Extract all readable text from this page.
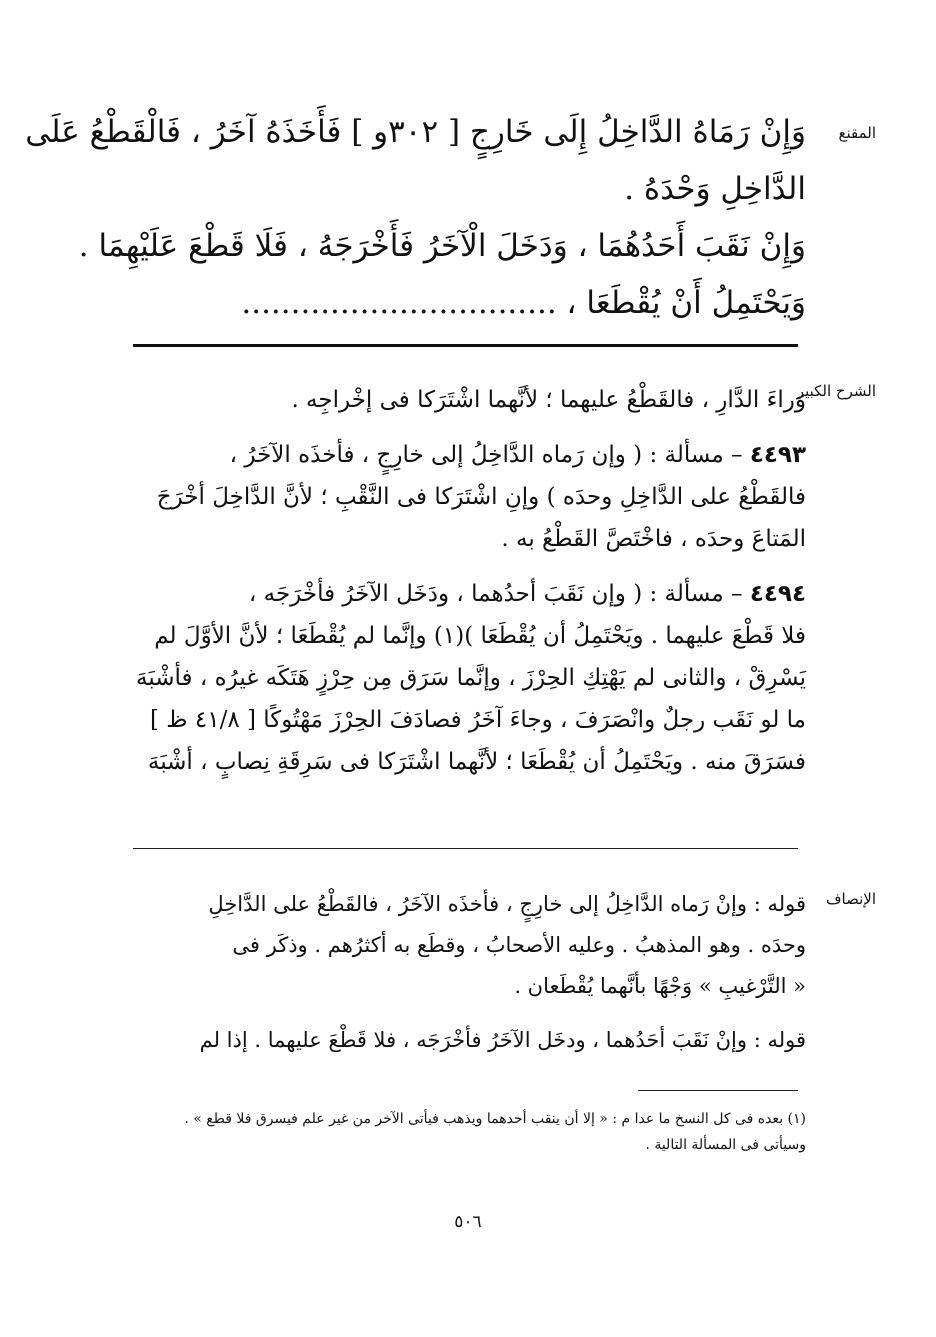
المقنع
وَإِنْ رَمَاهُ الدَّاخِلُ إِلَى خَارِجٍ [ ٣٠٢و ] فَأَخَذَهُ آخَرُ ، فَالْقَطْعُ عَلَى
الدَّاخِلِ وَحْدَهُ .
وَإِنْ نَقَبَ أَحَدُهُمَا ، وَدَخَلَ الْآخَرُ فَأَخْرَجَهُ ، فَلَا قَطْعَ عَلَيْهِمَا .
وَيَحْتَمِلُ أَنْ يُقْطَعَا ، ................................
الشرح الكبير
وَراءَ الدَّارِ ، فالقَطْعُ عليهما ؛ لأنَّهما اشْتَرَكا فى إخْراجِه .
٤٤٩٣ – مسألة : ( وإن رَماه الدَّاخِلُ إلى خارِجٍ ، فأخذَه الآخَرُ ،
فالقَطْعُ على الدَّاخِلِ وحدَه ) وإنِ اشْتَرَكا فى النَّقْبِ ؛ لأنَّ الدَّاخِلَ أخْرَجَ
المَتاعَ وحدَه ، فاخْتَصَّ القَطْعُ به .
٤٤٩٤ – مسألة : ( وإن نَقَبَ أحدُهما ، ودَخَل الآخَرُ فأخْرَجَه ،
فلا قَطْعَ عليهما . ويَحْتَمِلُ أن يُقْطَعَا )(١) وإنَّما لم يُقْطَعَا ؛ لأنَّ الأوَّلَ لم
يَسْرِقْ ، والثانى لم يَهْتِكِ الحِرْزَ ، وإنَّما سَرَق مِن حِرْزٍ هَتَكَه غيرُه ، فأشْبَهَ
ما لو نَقَب رجلٌ وانْصَرَفَ ، وجاءَ آخَرُ فصادَفَ الحِرْزَ مَهْتُوكًا [ ٤١/٨ ظ ]
فسَرَقَ منه . ويَحْتَمِلُ أن يُقْطَعَا ؛ لأنَّهما اشْتَرَكا فى سَرِقَةِ نِصابٍ ، أشْبَهَ
الإنصاف
قوله : وإنْ رَماه الدَّاخِلُ إلى خارِجٍ ، فأخذَه الآخَرُ ، فالقَطْعُ على الدَّاخِلِ
وحدَه . وهو المذهبُ . وعليه الأصحابُ ، وقطَع به أكثرُهم . وذكَر فى
« التَّرْغيبِ » وَجْهًا بأنَّهما يُقْطَعان .
قوله : وإنْ نَقَبَ أحَدُهما ، ودخَل الآخَرُ فأخْرَجَه ، فلا قَطْعَ عليهما . إذا لم
(١) بعده فى كل النسخ ما عدا م : « إلا أن ينقب أحدهما ويذهب فيأتى الآخر من غير علم فيسرق فلا قطع » .
وسيأتى فى المسألة التالية .
٥٠٦
